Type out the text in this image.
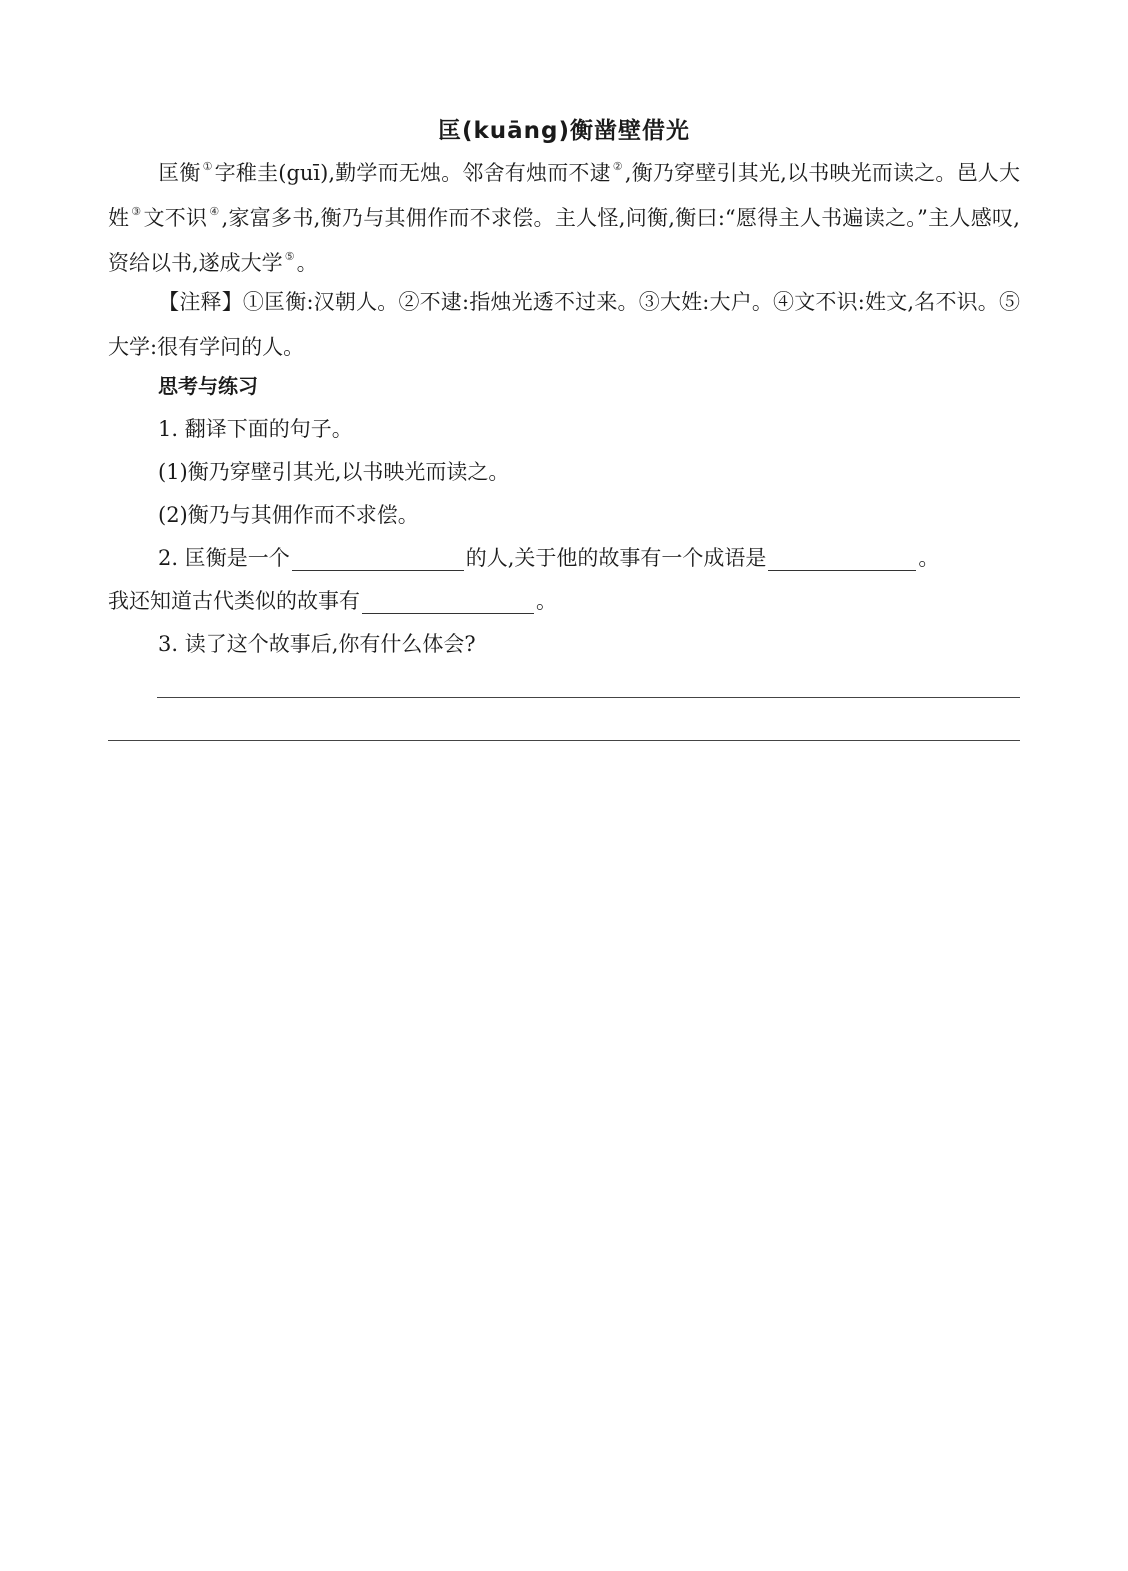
匡(kuāng)衡凿壁借光
匡衡 ①字稚圭(guī),勤学而无烛。邻舍有烛而不逮 ②,衡乃穿壁引其光,以书映光而读之。邑人大姓 ③文不识 ④,家富多书,衡乃与其佣作而不求偿。主人怪,问衡,衡曰:“愿得主人书遍读之。”主人感叹,资给以书,遂成大学 ⑤。
【注释】①匡衡:汉朝人。②不逮:指烛光透不过来。③大姓:大户。④文不识:姓文,名不识。⑤大学:很有学问的人。
思考与练习
1. 翻译下面的句子。
(1)衡乃穿壁引其光,以书映光而读之。
(2)衡乃与其佣作而不求偿。
2. 匡衡是一个	的人,关于他的故事有一个成语是	。
我还知道古代类似的故事有	。
3. 读了这个故事后,你有什么体会?
